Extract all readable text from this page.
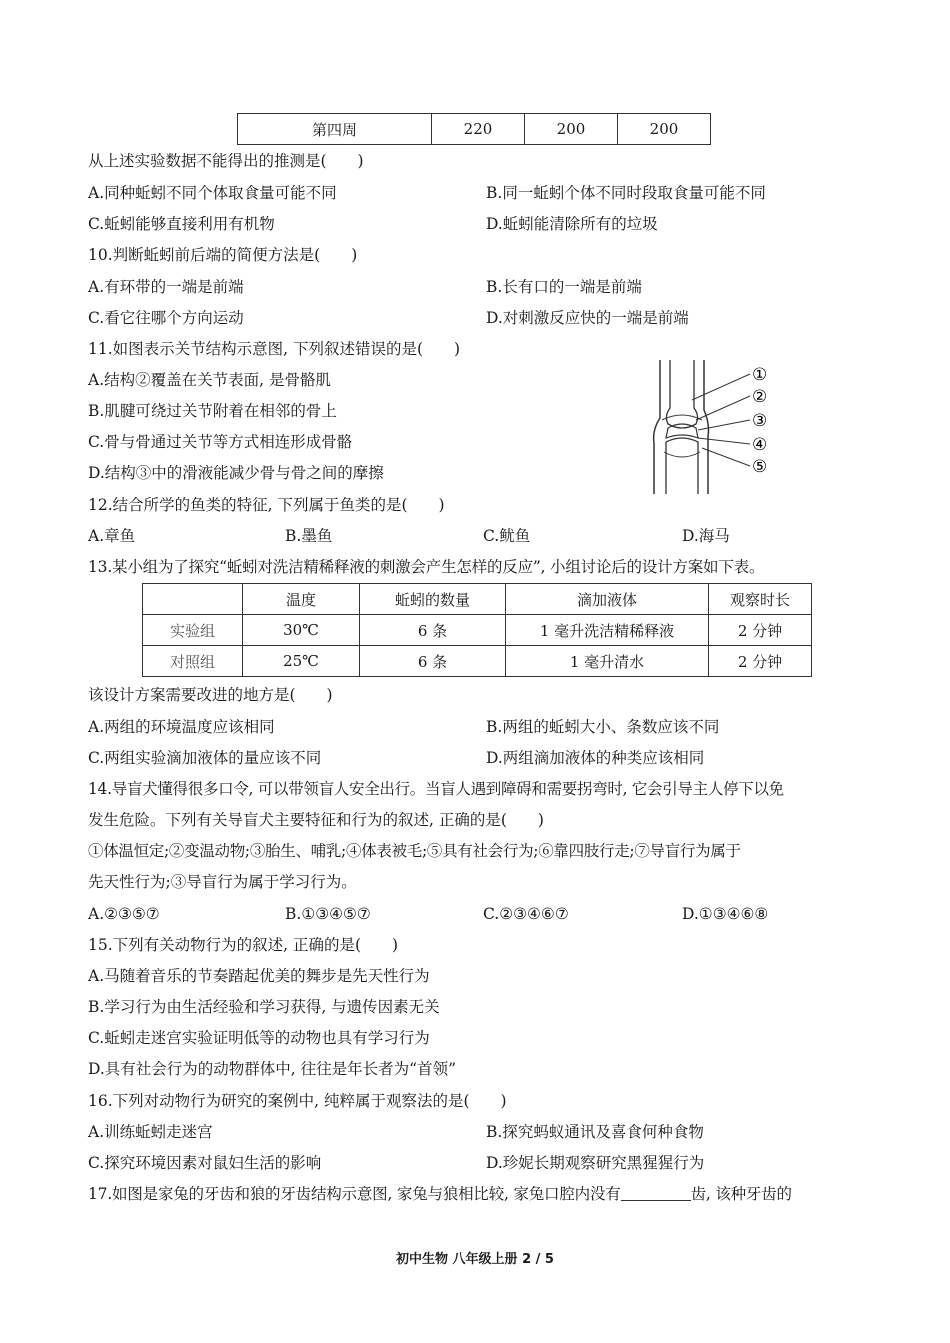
第四周	220	200	200
从上述实验数据不能得出的推测是(　　)
A.同种蚯蚓不同个体取食量可能不同	B.同一蚯蚓个体不同时段取食量可能不同
C.蚯蚓能够直接利用有机物	D.蚯蚓能清除所有的垃圾
10.判断蚯蚓前后端的简便方法是(　　)
A.有环带的一端是前端	B.长有口的一端是前端
C.看它往哪个方向运动	D.对刺激反应快的一端是前端
11.如图表示关节结构示意图, 下列叙述错误的是(　　)
A.结构②覆盖在关节表面, 是骨骼肌
B.肌腱可绕过关节附着在相邻的骨上
C.骨与骨通过关节等方式相连形成骨骼
D.结构③中的滑液能减少骨与骨之间的摩擦
①
②
③
④
⑤
12.结合所学的鱼类的特征, 下列属于鱼类的是(　　)
A.章鱼	B.墨鱼	C.鱿鱼	D.海马
13.某小组为了探究“蚯蚓对洗洁精稀释液的刺激会产生怎样的反应”, 小组讨论后的设计方案如下表。
	温度	蚯蚓的数量	滴加液体	观察时长
实验组	30℃	6 条	1 毫升洗洁精稀释液	2 分钟
对照组	25℃	6 条	1 毫升清水	2 分钟
该设计方案需要改进的地方是(　　)
A.两组的环境温度应该相同	B.两组的蚯蚓大小、条数应该不同
C.两组实验滴加液体的量应该不同	D.两组滴加液体的种类应该相同
14.导盲犬懂得很多口令, 可以带领盲人安全出行。当盲人遇到障碍和需要拐弯时, 它会引导主人停下以免
发生危险。下列有关导盲犬主要特征和行为的叙述, 正确的是(　　)
①体温恒定;②变温动物;③胎生、哺乳;④体表被毛;⑤具有社会行为;⑥靠四肢行走;⑦导盲行为属于
先天性行为;③导盲行为属于学习行为。
A.②③⑤⑦	B.①③④⑤⑦	C.②③④⑥⑦	D.①③④⑥⑧
15.下列有关动物行为的叙述, 正确的是(　　)
A.马随着音乐的节奏踏起优美的舞步是先天性行为
B.学习行为由生活经验和学习获得, 与遗传因素无关
C.蚯蚓走迷宫实验证明低等的动物也具有学习行为
D.具有社会行为的动物群体中, 往往是年长者为“首领”
16.下列对动物行为研究的案例中, 纯粹属于观察法的是(　　)
A.训练蚯蚓走迷宫	B.探究蚂蚁通讯及喜食何种食物
C.探究环境因素对鼠妇生活的影响	D.珍妮长期观察研究黑猩猩行为
17.如图是家兔的牙齿和狼的牙齿结构示意图, 家兔与狼相比较, 家兔口腔内没有	齿, 该种牙齿的
初中生物 八年级上册 2 / 5
